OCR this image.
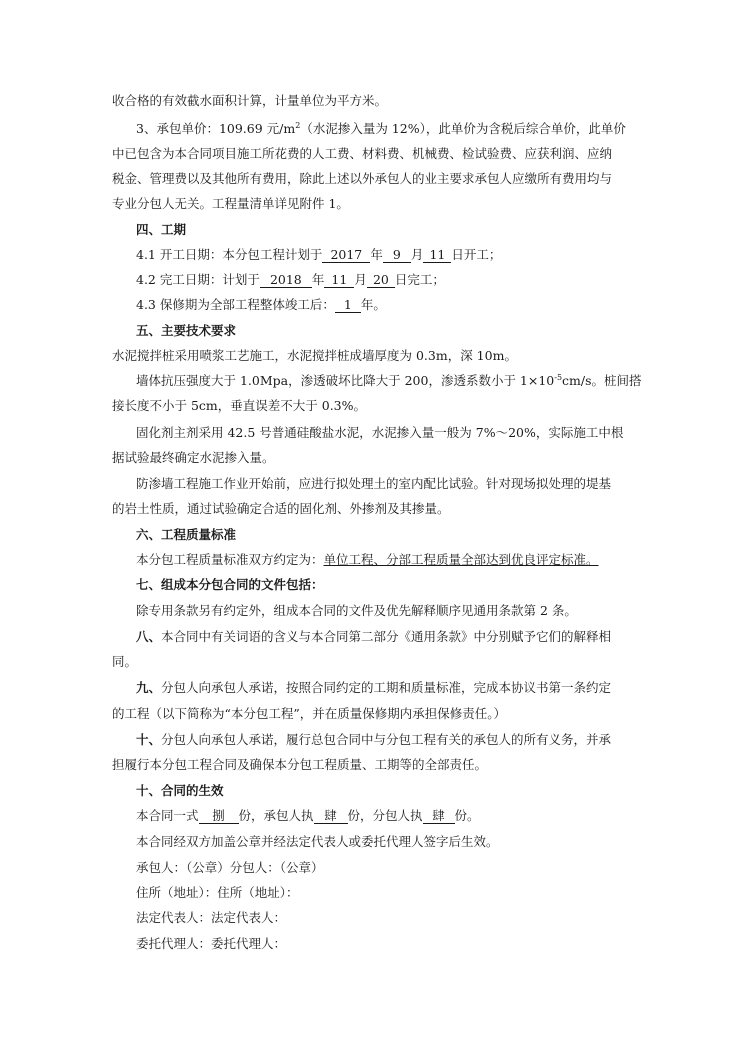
收合格的有效截水面积计算，计量单位为平方米。
3、承包单价：109.69 元$/m^2$（水泥掺入量为 12%），此单价为含税后综合单价，此单价
中已包含为本合同项目施工所花费的人工费、材料费、机械费、检试验费、应获利润、应纳
税金、管理费以及其他所有费用，除此上述以外承包人的业主要求承包人应缴所有费用均与
专业分包人无关。工程量清单详见附件 1。
四、工期
4.1 开工日期：本分包工程计划于 2017 年 9 月 11 日开工；
4.2 完工日期：计划于 2018 年 11 月 20 日完工；
4.3 保修期为全部工程整体竣工后： 1 年。
五、主要技术要求
水泥搅拌桩采用喷浆工艺施工，水泥搅拌桩成墙厚度为 0.3m，深 10m。
墙体抗压强度大于 1.0Mpa，渗透破坏比降大于 200，渗透系数小于 $1\times 10^{-5}cm/s$。桩间搭
接长度不小于 5cm，垂直误差不大于 0.3%。
固化剂主剂采用 42.5 号普通硅酸盐水泥，水泥掺入量一般为 7%～20%，实际施工中根
据试验最终确定水泥掺入量。
防渗墙工程施工作业开始前，应进行拟处理土的室内配比试验。针对现场拟处理的堤基
的岩土性质，通过试验确定合适的固化剂、外掺剂及其掺量。
六、工程质量标准
本分包工程质量标准双方约定为：单位工程、分部工程质量全部达到优良评定标准。
七、组成本分包合同的文件包括：
除专用条款另有约定外，组成本合同的文件及优先解释顺序见通用条款第 2 条。
八、本合同中有关词语的含义与本合同第二部分《通用条款》中分别赋予它们的解释相
同。
九、分包人向承包人承诺，按照合同约定的工期和质量标准，完成本协议书第一条约定
的工程（以下简称为“本分包工程”，并在质量保修期内承担保修责任。）
十、分包人向承包人承诺，履行总包合同中与分包工程有关的承包人的所有义务，并承
担履行本分包工程合同及确保本分包工程质量、工期等的全部责任。
十、合同的生效
本合同一式 捌 份，承包人执 肆 份，分包人执 肆 份。
本合同经双方加盖公章并经法定代表人或委托代理人签字后生效。
承包人：（公章）分包人：（公章）
住所（地址）：住所（地址）：
法定代表人：法定代表人：
委托代理人：委托代理人：
